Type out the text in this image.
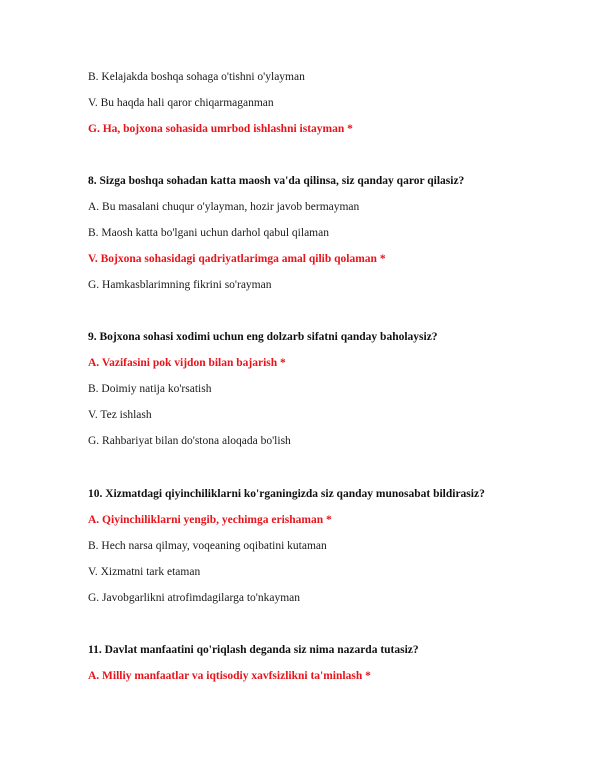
B. Kelajakda boshqa sohaga o'tishni o'ylayman
V. Bu haqda hali qaror chiqarmaganman
G. Ha, bojxona sohasida umrbod ishlashni istayman *
8. Sizga boshqa sohadan katta maosh va'da qilinsa, siz qanday qaror qilasiz?
A. Bu masalani chuqur o'ylayman, hozir javob bermayman
B. Maosh katta bo'lgani uchun darhol qabul qilaman
V. Bojxona sohasidagi qadriyatlarimga amal qilib qolaman *
G. Hamkasblarimning fikrini so'rayman
9. Bojxona sohasi xodimi uchun eng dolzarb sifatni qanday baholaysiz?
A. Vazifasini pok vijdon bilan bajarish *
B. Doimiy natija ko'rsatish
V. Tez ishlash
G. Rahbariyat bilan do'stona aloqada bo'lish
10. Xizmatdagi qiyinchiliklarni ko'rganingizda siz qanday munosabat bildirasiz?
A. Qiyinchiliklarni yengib, yechimga erishaman *
B. Hech narsa qilmay, voqeaning oqibatini kutaman
V. Xizmatni tark etaman
G. Javobgarlikni atrofimdagilarga to'nkayman
11. Davlat manfaatini qo'riqlash deganda siz nima nazarda tutasiz?
A. Milliy manfaatlar va iqtisodiy xavfsizlikni ta'minlash *
